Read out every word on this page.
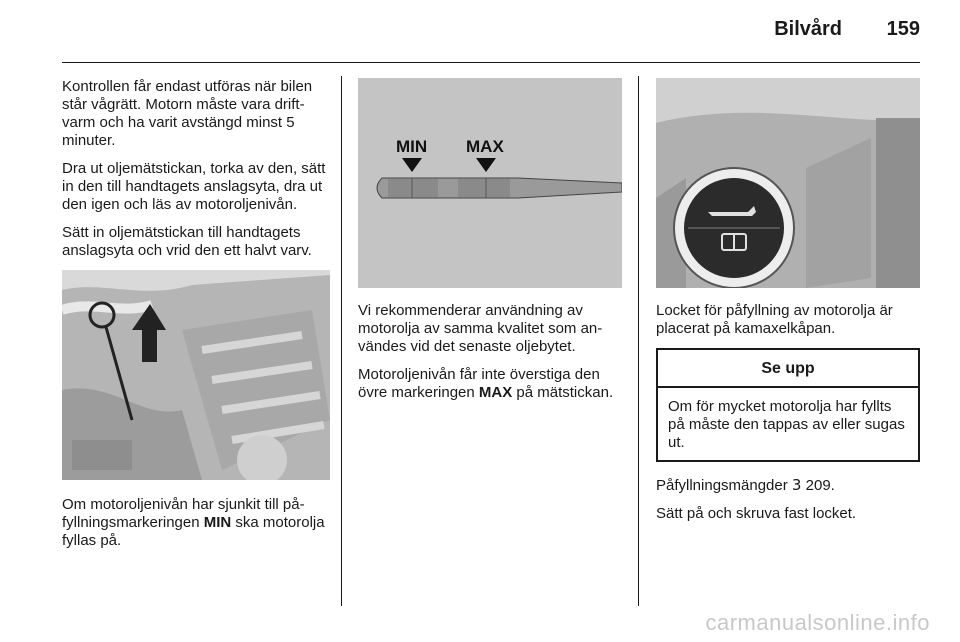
Bilvård 159

Kontrollen får endast utföras när bilen står vågrätt. Motorn måste vara driftvarm och ha varit avstängd minst 5 minuter.

Dra ut oljemätstickan, torka av den, sätt in den till handtagets anslagsyta, dra ut den igen och läs av motoroljenivån.

Sätt in oljemätstickan till handtagets anslagsyta och vrid den ett halvt varv.

Om motoroljenivån har sjunkit till påfyllningsmarkeringen MIN ska motorolja fyllas på.

MIN MAX

Vi rekommenderar användning av motorolja av samma kvalitet som användes vid det senaste oljebytet.

Motoroljenivån får inte överstiga den övre markeringen MAX på mätstickan.

Locket för påfyllning av motorolja är placerat på kamaxelkåpan.

Se upp
Om för mycket motorolja har fyllts på måste den tappas av eller sugas ut.

Påfyllningsmängder 3 209.

Sätt på och skruva fast locket.

carmanualsonline.info
